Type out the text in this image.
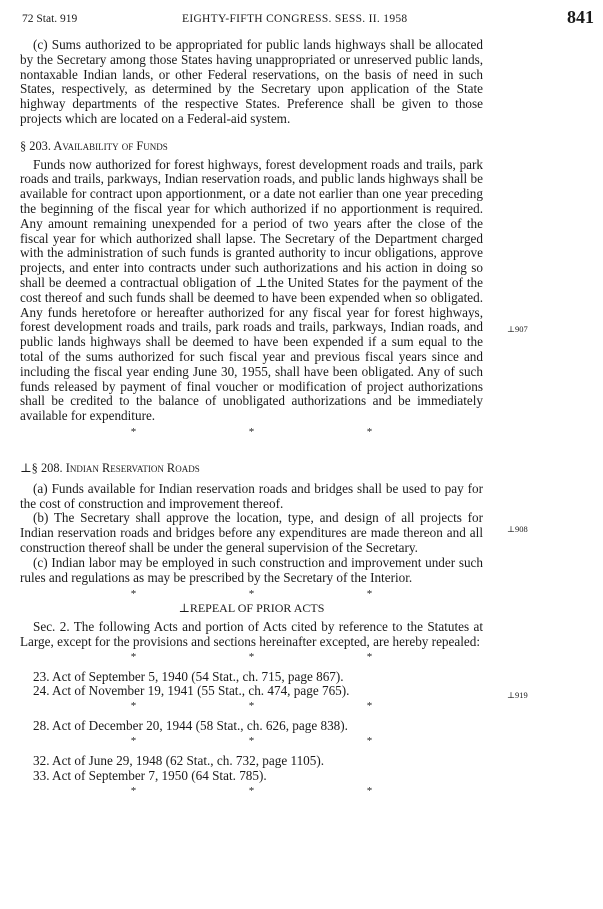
72 Stat. 919	EIGHTY-FIFTH CONGRESS. SESS. II. 1958	841

(c) Sums authorized to be appropriated for public lands highways shall be allocated by the Secretary among those States having unappropriated or unreserved public lands, nontaxable Indian lands, or other Federal reservations, on the basis of need in such States, respectively, as determined by the Secretary upon application of the State highway departments of the respective States. Preference shall be given to those projects which are located on a Federal-aid system.

§ 203. Availability of Funds

Funds now authorized for forest highways, forest development roads and trails, park roads and trails, parkways, Indian reservation roads, and public lands highways shall be available for contract upon apportionment, or a date not earlier than one year preceding the beginning of the fiscal year for which authorized if no apportionment is required. Any amount remaining unexpended for a period of two years after the close of the fiscal year for which authorized shall lapse. The Secretary of the Department charged with the administration of such funds is granted authority to incur obligations, approve projects, and enter into contracts under such authorizations and his action in doing so shall be deemed a contractual obligation of ⊥the United States for the payment of the cost thereof and such funds shall be deemed to have been expended when so obligated. Any funds heretofore or hereafter authorized for any fiscal year for forest highways, forest development roads and trails, park roads and trails, parkways, Indian roads, and public lands highways shall be deemed to have been expended if a sum equal to the total of the sums authorized for such fiscal year and previous fiscal years since and including the fiscal year ending June 30, 1955, shall have been obligated. Any of such funds released by payment of final voucher or modification of project authorizations shall be credited to the balance of unobligated authorizations and be immediately available for expenditure.

*	*	*
⊥§ 208. Indian Reservation Roads

(a) Funds available for Indian reservation roads and bridges shall be used to pay for the cost of construction and improvement thereof.

(b) The Secretary shall approve the location, type, and design of all projects for Indian reservation roads and bridges before any expenditures are made thereon and all construction thereof shall be under the general supervision of the Secretary.

(c) Indian labor may be employed in such construction and improvement under such rules and regulations as may be prescribed by the Secretary of the Interior.

*	*	*
⊥REPEAL OF PRIOR ACTS

Sec. 2. The following Acts and portion of Acts cited by reference to the Statutes at Large, except for the provisions and sections hereinafter excepted, are hereby repealed:

*	*	*

23. Act of September 5, 1940 (54 Stat., ch. 715, page 867).

24. Act of November 19, 1941 (55 Stat., ch. 474, page 765).

*	*	*

28. Act of December 20, 1944 (58 Stat., ch. 626, page 838).

*	*	*

32. Act of June 29, 1948 (62 Stat., ch. 732, page 1105).

33. Act of September 7, 1950 (64 Stat. 785).

*	*	*
⊥907
⊥908
⊥919
